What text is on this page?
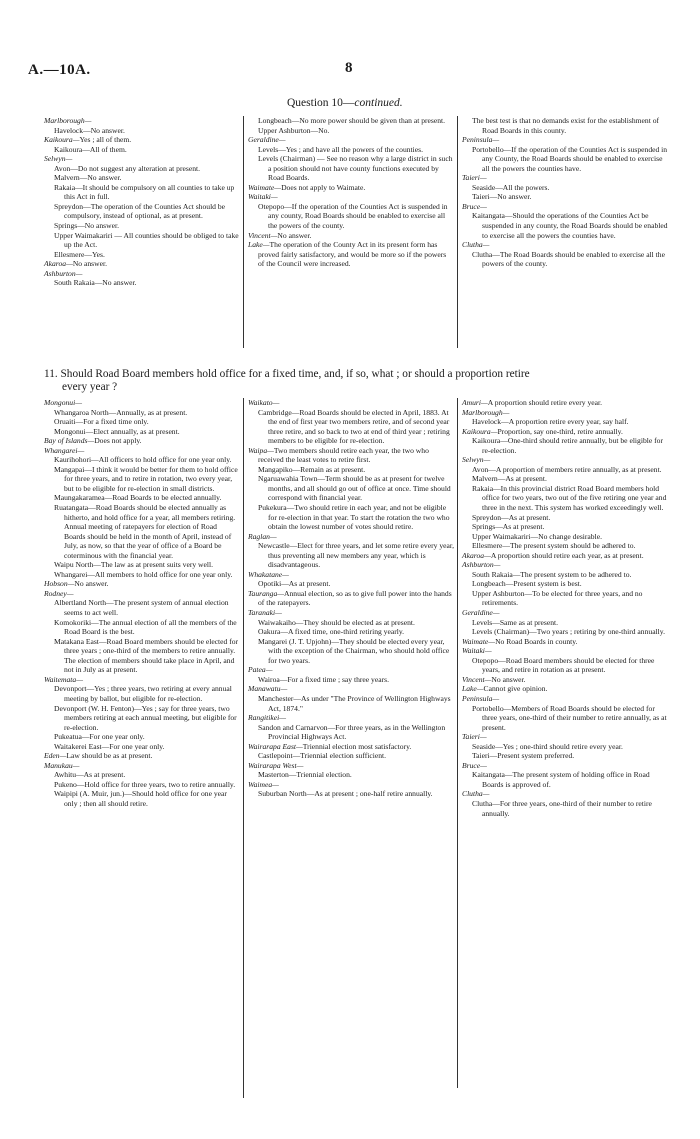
A.—10A.	8
Question 10—continued.

Marlborough—

Havelock—No answer.

Kaikoura—Yes ; all of them.

Kaikoura—All of them.

Selwyn—

Avon—Do not suggest any alteration at present.

Malvern—No answer.

Rakaia—It should be compulsory on all counties to take up this Act in full.

Spreydon—The operation of the Counties Act should be compulsory, instead of optional, as at present.

Springs—No answer.

Upper Waimakariri — All counties should be obliged to take up the Act.

Ellesmere—Yes.

Akaroa—No answer.

Ashburton—

South Rakaia—No answer.

Longbeach—No more power should be given than at present.

Upper Ashburton—No.

Geraldine—

Levels—Yes ; and have all the powers of the counties.

Levels (Chairman) — See no reason why a large district in such a position should not have county functions executed by Road Boards.

Waimate—Does not apply to Waimate.

Waitaki—

Otepopo—If the operation of the Counties Act is suspended in any county, Road Boards should be enabled to exercise all the powers of the county.

Vincent—No answer.

Lake—The operation of the County Act in its present form has proved fairly satisfactory, and would be more so if the powers of the Council were increased.

The best test is that no demands exist for the establishment of Road Boards in this county.

Peninsula—

Portobello—If the operation of the Counties Act is suspended in any County, the Road Boards should be enabled to exercise all the powers the counties have.

Taieri—

Seaside—All the powers.

Taieri—No answer.

Bruce—

Kaitangata—Should the operations of the Counties Act be suspended in any county, the Road Boards should be enabled to exercise all the powers the counties have.

Clutha—

Clutha—The Road Boards should be enabled to exercise all the powers of the county.

11. Should Road Board members hold office for a fixed time, and, if so, what ; or should a proportion retire
every year ?

Mongonui—

Whangaroa North—Annually, as at present.

Oruaiti—For a fixed time only.

Mongonui—Elect annually, as at present.

Bay of Islands—Does not apply.

Whangarei—

Kaurihohori—All officers to hold office for one year only.

Mangapai—I think it would be better for them to hold office for three years, and to retire in rotation, two every year, but to be eligible for re-election in small districts.

Maungakaramea—Road Boards to be elected annually.

Ruatangata—Road Boards should be elected annually as hitherto, and hold office for a year, all members retiring. Annual meeting of ratepayers for election of Road Boards should be held in the month of April, instead of July, as now, so that the year of office of a Board be coterminous with the financial year.

Waipu North—The law as at present suits very well.

Whangarei—All members to hold office for one year only.

Hobson—No answer.

Rodney—

Albertland North—The present system of annual election seems to act well.

Komokoriki—The annual election of all the members of the Road Board is the best.

Matakana East—Road Board members should be elected for three years ; one-third of the members to retire annually. The election of members should take place in April, and not in July as at present.

Waitemata—

Devonport—Yes ; three years, two retiring at every annual meeting by ballot, but eligible for re-election.

Devonport (W. H. Fenton)—Yes ; say for three years, two members retiring at each annual meeting, but eligible for re-election.

Pukeatua—For one year only.

Waitakerei East—For one year only.

Eden—Law should be as at present.

Manukau—

Awhitu—As at present.

Pukeno—Hold office for three years, two to retire annually.

Waipipi (A. Muir, jun.)—Should hold office for one year only ; then all should retire.

Waikato—

Cambridge—Road Boards should be elected in April, 1883. At the end of first year two members retire, and of second year three retire, and so back to two at end of third year ; retiring members to be eligible for re-election.

Waipa—Two members should retire each year, the two who received the least votes to retire first.

Mangapiko—Remain as at present.

Ngaruawahia Town—Term should be as at present for twelve months, and all should go out of office at once. Time should correspond with financial year.

Pukekura—Two should retire in each year, and not be eligible for re-election in that year. To start the rotation the two who obtain the lowest number of votes should retire.

Raglan—

Newcastle—Elect for three years, and let some retire every year, thus preventing all new members any year, which is disadvantageous.

Whakatane—

Opotiki—As at present.

Tauranga—Annual election, so as to give full power into the hands of the ratepayers.

Taranaki—

Waiwakaiho—They should be elected as at present.

Oakura—A fixed time, one-third retiring yearly.

Mangarei (J. T. Upjohn)—They should be elected every year, with the exception of the Chairman, who should hold office for two years.

Patea—

Wairoa—For a fixed time ; say three years.

Manawatu—

Manchester—As under "The Province of Wellington Highways Act, 1874."

Rangitikei—

Sandon and Carnarvon—For three years, as in the Wellington Provincial Highways Act.

Wairarapa East—Triennial election most satisfactory.

Castlepoint—Triennial election sufficient.

Wairarapa West—

Masterton—Triennial election.

Waimea—

Suburban North—As at present ; one-half retire annually.

Amuri—A proportion should retire every year.

Marlborough—

Havelock—A proportion retire every year, say half.

Kaikoura—Proportion, say one-third, retire annually.

Kaikoura—One-third should retire annually, but be eligible for re-election.

Selwyn—

Avon—A proportion of members retire annually, as at present.

Malvern—As at present.

Rakaia—In this provincial district Road Board members hold office for two years, two out of the five retiring one year and three in the next. This system has worked exceedingly well.

Spreydon—As at present.

Springs—As at present.

Upper Waimakariri—No change desirable.

Ellesmere—The present system should be adhered to.

Akaroa—A proportion should retire each year, as at present.

Ashburton—

South Rakaia—The present system to be adhered to.

Longbeach—Present system is best.

Upper Ashburton—To be elected for three years, and no retirements.

Geraldine—

Levels—Same as at present.

Levels (Chairman)—Two years ; retiring by one-third annually.

Waimate—No Road Boards in county.

Waitaki—

Otepopo—Road Board members should be elected for three years, and retire in rotation as at present.

Vincent—No answer.

Lake—Cannot give opinion.

Peninsula—

Portobello—Members of Road Boards should be elected for three years, one-third of their number to retire annually, as at present.

Taieri—

Seaside—Yes ; one-third should retire every year.

Taieri—Present system preferred.

Bruce—

Kaitangata—The present system of holding office in Road Boards is approved of.

Clutha—

Clutha—For three years, one-third of their number to retire annually.
